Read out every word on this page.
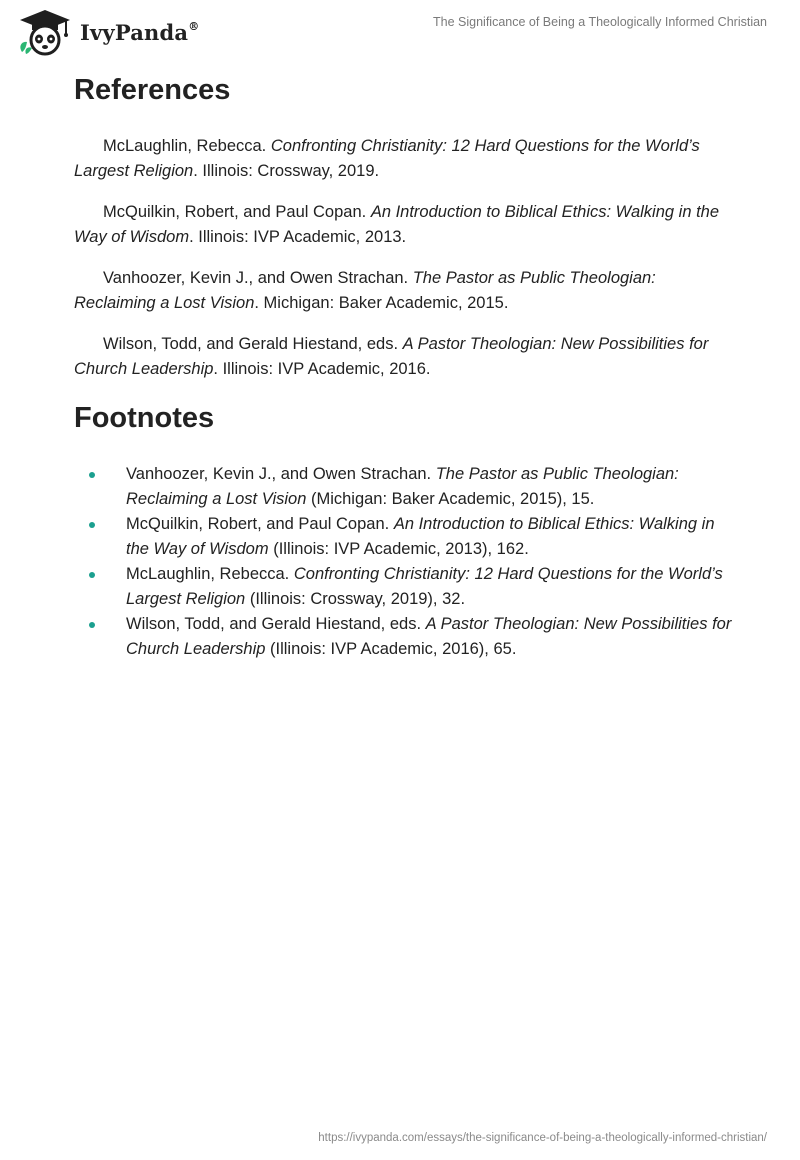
IvyPanda®	The Significance of Being a Theologically Informed Christian
References

McLaughlin, Rebecca. Confronting Christianity: 12 Hard Questions for the World’s Largest Religion. Illinois: Crossway, 2019.

McQuilkin, Robert, and Paul Copan. An Introduction to Biblical Ethics: Walking in the Way of Wisdom. Illinois: IVP Academic, 2013.

Vanhoozer, Kevin J., and Owen Strachan. The Pastor as Public Theologian: Reclaiming a Lost Vision. Michigan: Baker Academic, 2015.

Wilson, Todd, and Gerald Hiestand, eds. A Pastor Theologian: New Possibilities for Church Leadership. Illinois: IVP Academic, 2016.

Footnotes
Vanhoozer, Kevin J., and Owen Strachan. The Pastor as Public Theologian: Reclaiming a Lost Vision (Michigan: Baker Academic, 2015), 15.
McQuilkin, Robert, and Paul Copan. An Introduction to Biblical Ethics: Walking in the Way of Wisdom (Illinois: IVP Academic, 2013), 162.
McLaughlin, Rebecca. Confronting Christianity: 12 Hard Questions for the World’s Largest Religion (Illinois: Crossway, 2019), 32.
Wilson, Todd, and Gerald Hiestand, eds. A Pastor Theologian: New Possibilities for Church Leadership (Illinois: IVP Academic, 2016), 65.
https://ivypanda.com/essays/the-significance-of-being-a-theologically-informed-christian/
